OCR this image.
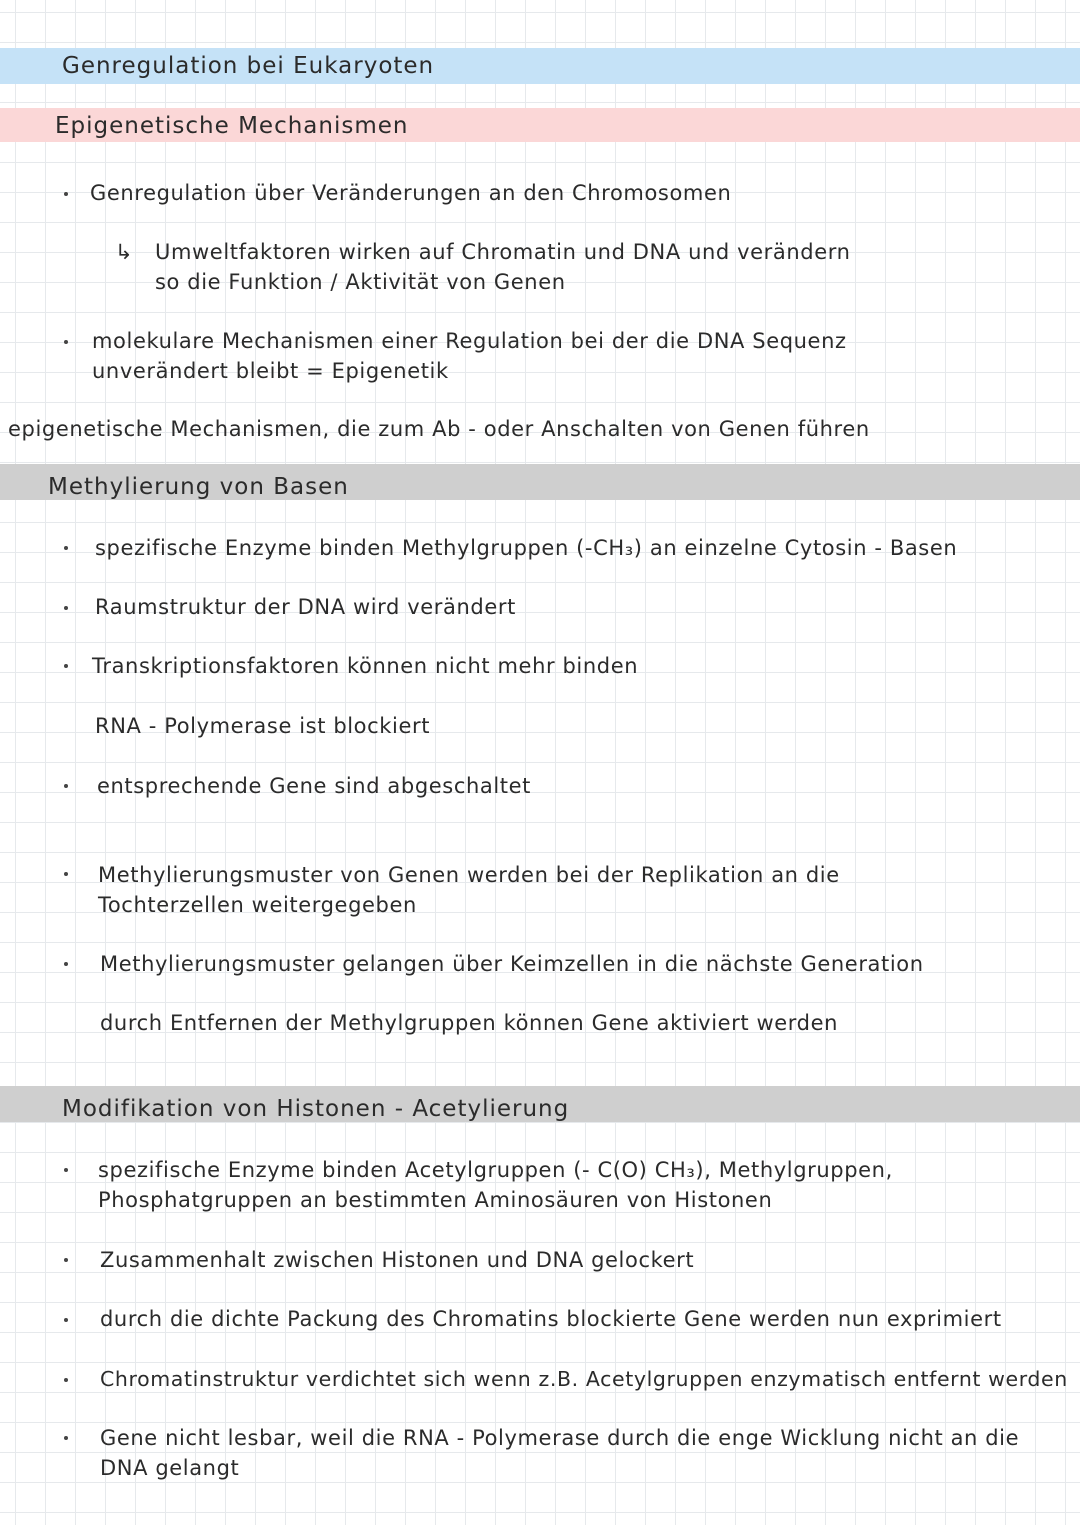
Genregulation bei Eukaryoten
Epigenetische Mechanismen
Genregulation über Veränderungen an den Chromosomen
↳ Umweltfaktoren wirken auf Chromatin und DNA und verändern
so die Funktion / Aktivität von Genen
molekulare Mechanismen einer Regulation bei der die DNA Sequenz
unverändert bleibt = Epigenetik
epigenetische Mechanismen, die zum Ab - oder Anschalten von Genen führen
Methylierung von Basen
spezifische Enzyme binden Methylgruppen (-CH₃) an einzelne Cytosin - Basen
Raumstruktur der DNA wird verändert
Transkriptionsfaktoren können nicht mehr binden
RNA - Polymerase ist blockiert
entsprechende Gene sind abgeschaltet
Methylierungsmuster von Genen werden bei der Replikation an die
Tochterzellen weitergegeben
Methylierungsmuster gelangen über Keimzellen in die nächste Generation
durch Entfernen der Methylgruppen können Gene aktiviert werden
Modifikation von Histonen - Acetylierung
spezifische Enzyme binden Acetylgruppen (- C(O) CH₃), Methylgruppen,
Phosphatgruppen an bestimmten Aminosäuren von Histonen
Zusammenhalt zwischen Histonen und DNA gelockert
durch die dichte Packung des Chromatins blockierte Gene werden nun exprimiert
Chromatinstruktur verdichtet sich wenn z.B. Acetylgruppen enzymatisch entfernt werden
Gene nicht lesbar, weil die RNA - Polymerase durch die enge Wicklung nicht an die
DNA gelangt
